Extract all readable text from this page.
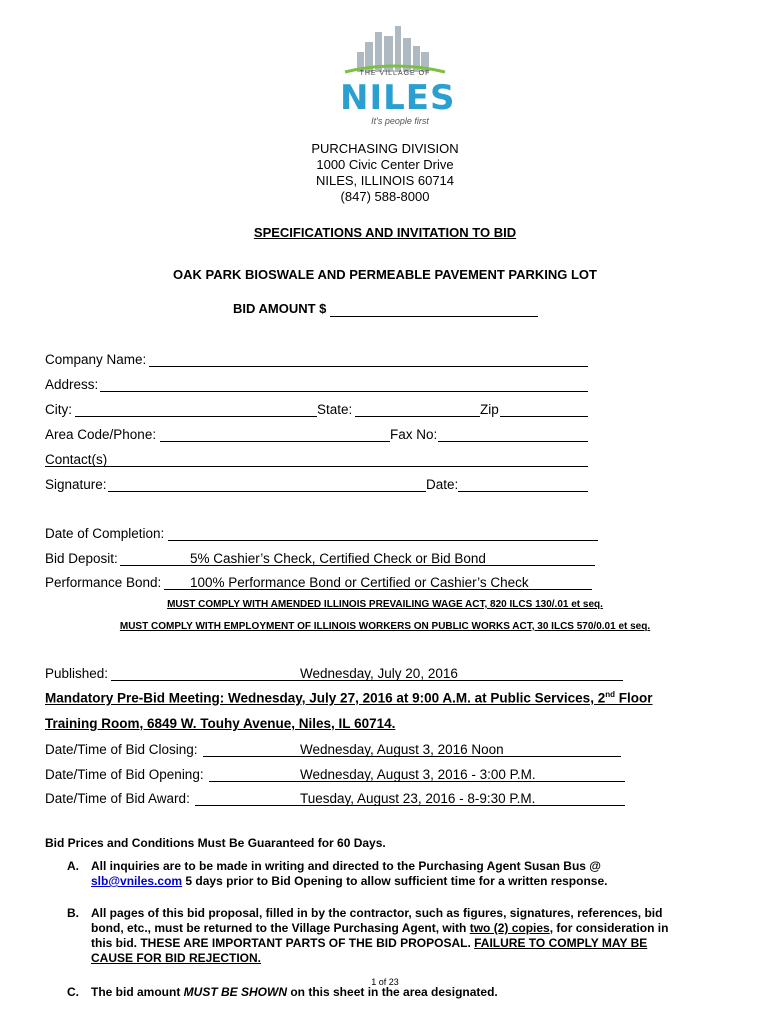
THE VILLAGE OF
NILES
It's people first
PURCHASING DIVISION
1000 Civic Center Drive
NILES, ILLINOIS 60714
(847) 588-8000
SPECIFICATIONS AND INVITATION TO BID
OAK PARK BIOSWALE AND PERMEABLE PAVEMENT PARKING LOT
BID AMOUNT $
Company Name:
Address:
City:	State:	Zip
Area Code/Phone:	Fax No:
Contact(s)
Signature:	Date:
Date of Completion:
Bid Deposit:	5% Cashier’s Check, Certified Check or Bid Bond
Performance Bond: 100% Performance Bond or Certified or Cashier’s Check
MUST COMPLY WITH AMENDED ILLINOIS PREVAILING WAGE ACT, 820 ILCS 130/.01 et seq.
MUST COMPLY WITH EMPLOYMENT OF ILLINOIS WORKERS ON PUBLIC WORKS ACT, 30 ILCS 570/0.01 et seq.
Published:	Wednesday, July 20, 2016
Mandatory Pre-Bid Meeting: Wednesday, July 27, 2016 at 9:00 A.M. at Public Services, 2nd Floor
Training Room, 6849 W. Touhy Avenue, Niles, IL 60714.
Date/Time of Bid Closing:	Wednesday, August 3, 2016 Noon
Date/Time of Bid Opening:	Wednesday, August 3, 2016 - 3:00 P.M.
Date/Time of Bid Award:	Tuesday, August 23, 2016 - 8-9:30 P.M.
Bid Prices and Conditions Must Be Guaranteed for 60 Days.
A. All inquiries are to be made in writing and directed to the Purchasing Agent Susan Bus @
slb@vniles.com 5 days prior to Bid Opening to allow sufficient time for a written response.
B. All pages of this bid proposal, filled in by the contractor, such as figures, signatures, references, bid
bond, etc., must be returned to the Village Purchasing Agent, with two (2) copies, for consideration in
this bid. THESE ARE IMPORTANT PARTS OF THE BID PROPOSAL. FAILURE TO COMPLY MAY BE
CAUSE FOR BID REJECTION.
1 of 23
C. The bid amount MUST BE SHOWN on this sheet in the area designated.
